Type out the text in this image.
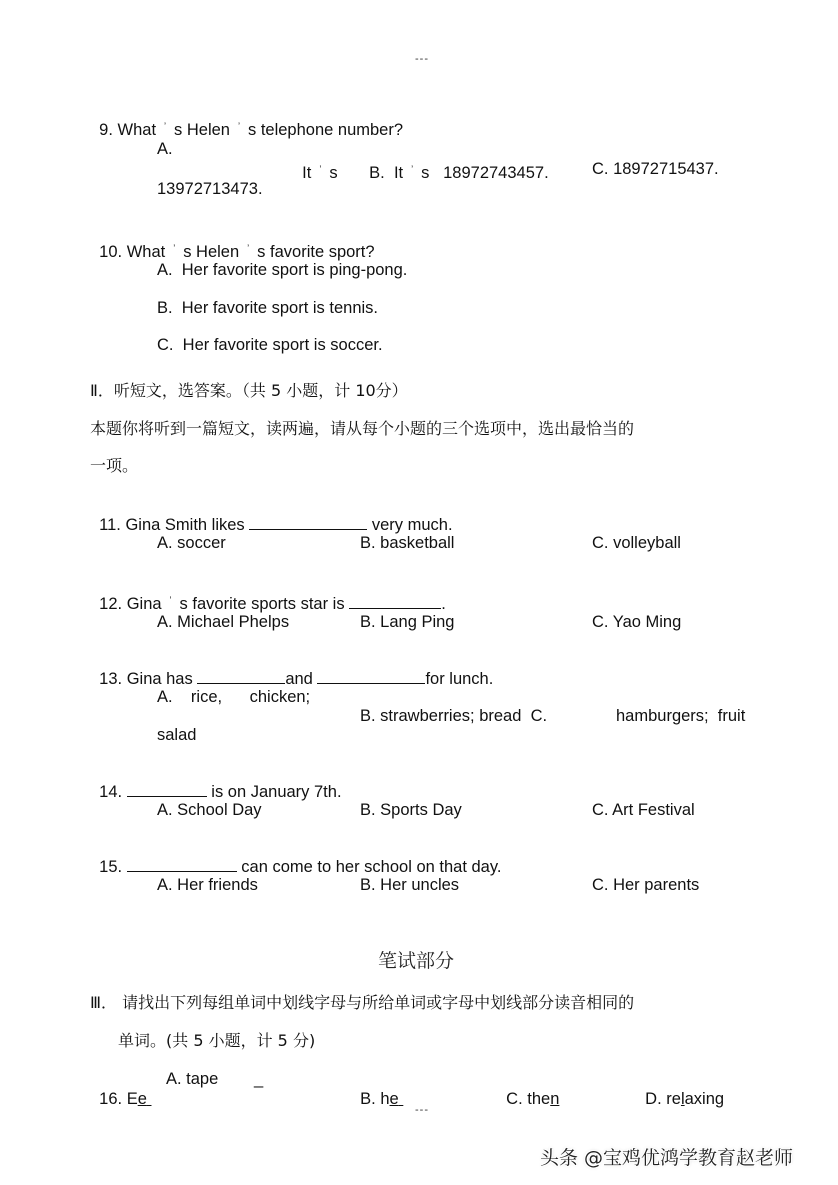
---

9. What ’ s Helen ’ s telephone number?

A.

It ’ s	B. It ’ s 18972743457.	C. 18972715437.
13972713473.

10. What ’ s Helen ’ s favorite sport?

A.  Her favorite sport is ping-pong.
B.  Her favorite sport is tennis.
C.  Her favorite sport is soccer.
Ⅱ．听短文，选答案。（共 5 小题，计 10分）
本题你将听到一篇短文，读两遍，请从每个小题的三个选项中，选出最恰当的
一项。

11. Gina Smith likes	very much.

A. soccer	B. basketball	C. volleyball

12. Gina ’ s favorite sports star is	.

A. Michael Phelps	B. Lang Ping	C. Yao Ming

13. Gina has	and	for lunch.

A.    rice,      chicken;
B. strawberries; bread  C.	hamburgers;  fruit
salad

14.	is on January 7th.

A. School Day	B. Sports Day	C. Art Festival

15.	can come to her school on that day.

A. Her friends	B. Her uncles	C. Her parents
笔试部分
Ⅲ． 请找出下列每组单词中划线字母与所给单词或字母中划线部分读音相同的
单词。(共 5 小题，计 5 分)

16. Ee

A. tape _

B. he	C. then	D. relaxing

---
头条 @宝鸡优鸿学教育赵老师
